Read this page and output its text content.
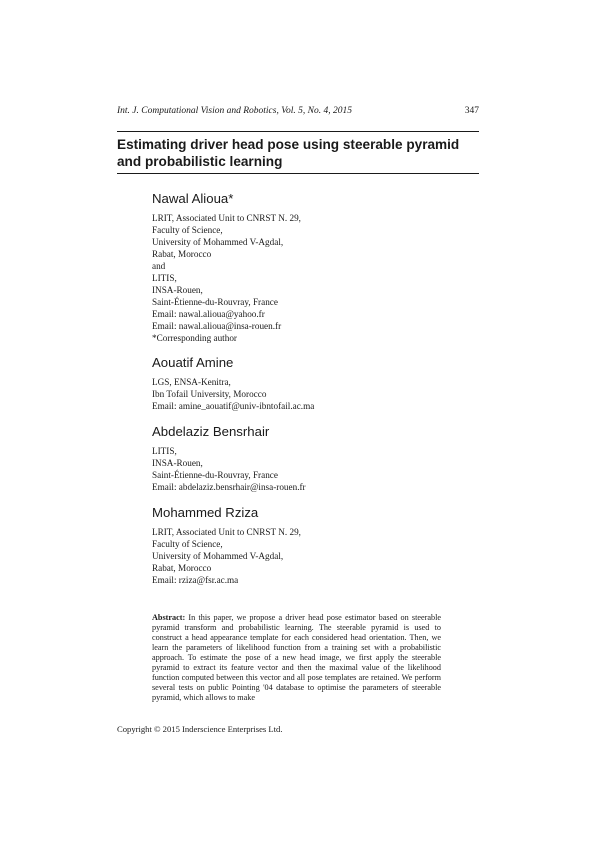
Int. J. Computational Vision and Robotics, Vol. 5, No. 4, 2015	347
Estimating driver head pose using steerable pyramid and probabilistic learning
Nawal Alioua*
LRIT, Associated Unit to CNRST N. 29,
Faculty of Science,
University of Mohammed V-Agdal,
Rabat, Morocco
and
LITIS,
INSA-Rouen,
Saint-Étienne-du-Rouvray, France
Email: nawal.alioua@yahoo.fr
Email: nawal.alioua@insa-rouen.fr
*Corresponding author
Aouatif Amine
LGS, ENSA-Kenitra,
Ibn Tofail University, Morocco
Email: amine_aouatif@univ-ibntofail.ac.ma
Abdelaziz Bensrhair
LITIS,
INSA-Rouen,
Saint-Étienne-du-Rouvray, France
Email: abdelaziz.bensrhair@insa-rouen.fr
Mohammed Rziza
LRIT, Associated Unit to CNRST N. 29,
Faculty of Science,
University of Mohammed V-Agdal,
Rabat, Morocco
Email: rziza@fsr.ac.ma

Abstract: In this paper, we propose a driver head pose estimator based on steerable pyramid transform and probabilistic learning. The steerable pyramid is used to construct a head appearance template for each considered head orientation. Then, we learn the parameters of likelihood function from a training set with a probabilistic approach. To estimate the pose of a new head image, we first apply the steerable pyramid to extract its feature vector and then the maximal value of the likelihood function computed between this vector and all pose templates are retained. We perform several tests on public Pointing '04 database to optimise the parameters of steerable pyramid, which allows to make

Copyright © 2015 Inderscience Enterprises Ltd.
